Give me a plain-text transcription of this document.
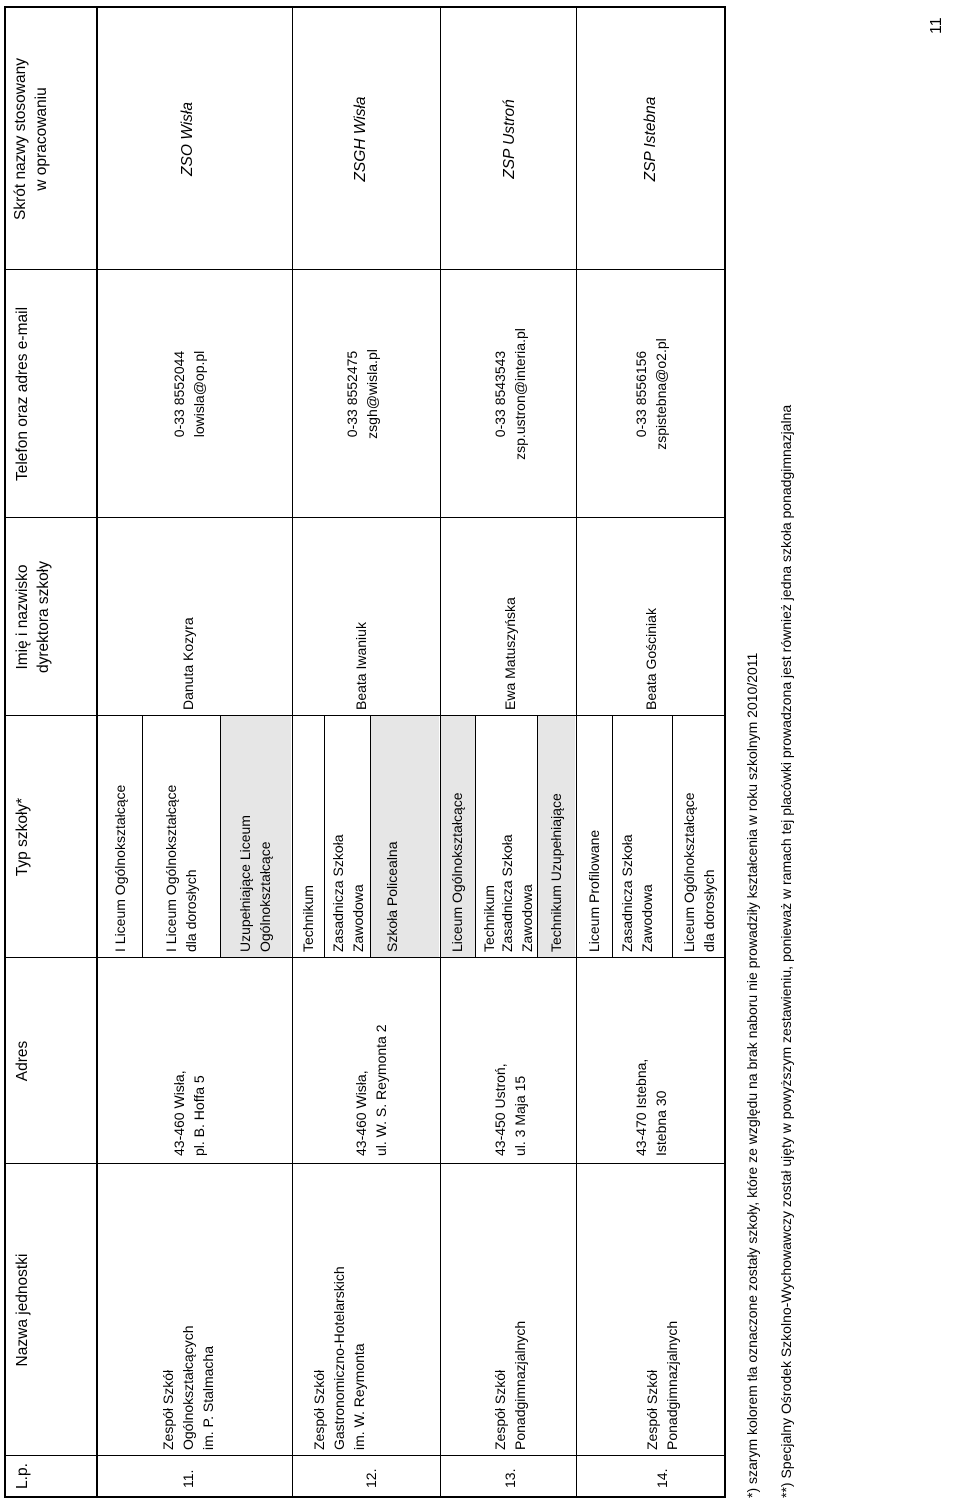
L.p.
Nazwa jednostki
Adres
Typ szkoły*
Imię i nazwisko
dyrektora szkoły
Telefon oraz adres e-mail
Skrót nazwy stosowany
w opracowaniu
11.
Zespół Szkół
Ogólnokształcących
im. P. Stalmacha
43-460 Wisła,
pl. B. Hoffa 5
I Liceum Ogólnokształcące	I Liceum Ogólnokształcące
dla dorosłych	Uzupełniające Liceum
Ogólnokształcące
Danuta Kozyra
0-33 8552044 lowisla@op.pl
ZSO Wisła
12.
Zespół Szkół
Gastronomiczno-Hotelarskich
im. W. Reymonta
43-460 Wisła,
ul. W. S. Reymonta 2
Technikum Zasadnicza Szkoła
Zawodowa Szkoła Policealna
Beata Iwaniuk
0-33 8552475 zsgh@wisla.pl
ZSGH Wisła
13.
Zespół Szkół
Ponadgimnazjalnych
43-450 Ustroń,
ul. 3 Maja 15
Liceum Ogólnokształcące Technikum Zasadnicza Szkoła
Zawodowa Technikum Uzupełniające
Ewa Matuszyńska
0-33 8543543 zsp.ustron@interia.pl
ZSP Ustroń
14.
Zespół Szkół
Ponadgimnazjalnych
43-470 Istebna,
Istebna 30
Liceum Profilowane Zasadnicza Szkoła
Zawodowa Liceum Ogólnokształcące
dla dorosłych
Beata Gościniak
0-33 8556156 zspistebna@o2.pl
ZSP Istebna
*) szarym kolorem tła oznaczone zostały szkoły, które ze względu na brak naboru nie prowadziły kształcenia w roku szkolnym 2010/2011 **) Specjalny Ośrodek Szkolno-Wychowawczy został ujęty w powyższym zestawieniu, ponieważ w ramach tej placówki prowadzona jest również jedna szkoła ponadgimnazjalna
11
